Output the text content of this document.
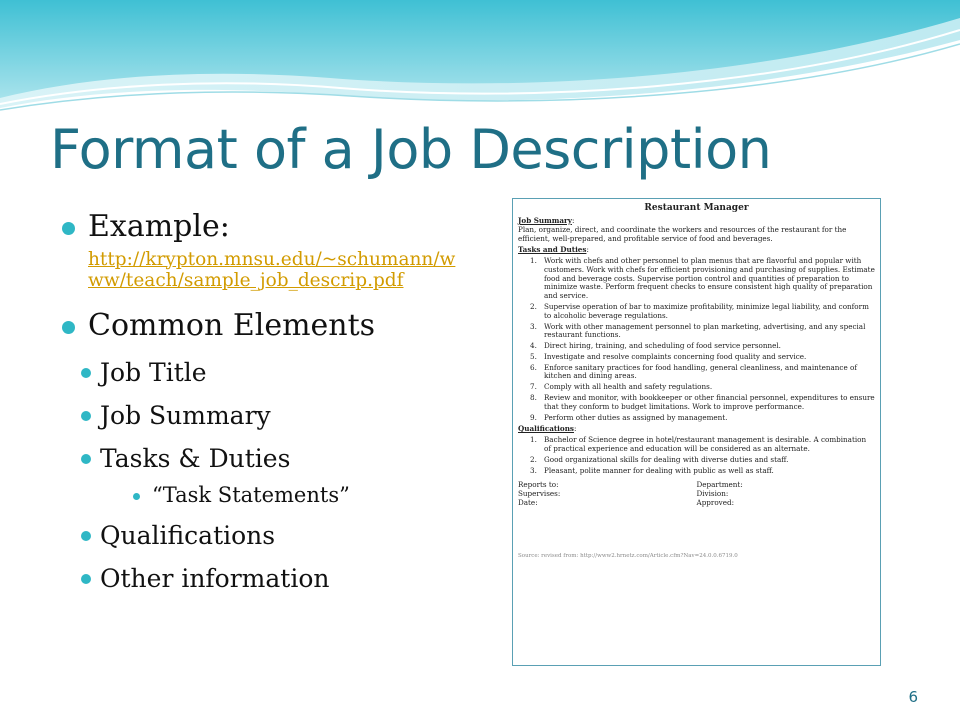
Format of a Job Description
Example:
http://krypton.mnsu.edu/~schumann/www/teach/sample_job_descrip.pdf
Common Elements
Job Title
Job Summary
Tasks & Duties
“Task Statements”
Qualifications
Other information
Restaurant Manager
Job Summary:
Plan, organize, direct, and coordinate the workers and resources of the restaurant for the efficient, well-prepared, and profitable service of food and beverages.
Tasks and Duties:
1. Work with chefs and other personnel to plan menus that are flavorful and popular with customers. Work with chefs for efficient provisioning and purchasing of supplies. Estimate food and beverage costs. Supervise portion control and quantities of preparation to minimize waste. Perform frequent checks to ensure consistent high quality of preparation and service.
2. Supervise operation of bar to maximize profitability, minimize legal liability, and conform to alcoholic beverage regulations.
3. Work with other management personnel to plan marketing, advertising, and any special restaurant functions.
4. Direct hiring, training, and scheduling of food service personnel.
5. Investigate and resolve complaints concerning food quality and service.
6. Enforce sanitary practices for food handling, general cleanliness, and maintenance of kitchen and dining areas.
7. Comply with all health and safety regulations.
8. Review and monitor, with bookkeeper or other financial personnel, expenditures to ensure that they conform to budget limitations. Work to improve performance.
9. Perform other duties as assigned by management.
Qualifications:
1. Bachelor of Science degree in hotel/restaurant management is desirable. A combination of practical experience and education will be considered as an alternate.
2. Good organizational skills for dealing with diverse duties and staff.
3. Pleasant, polite manner for dealing with public as well as staff.
Reports to:
Supervises:
Date:
Department:
Division:
Approved:
Source: revised from: http://www2.hrnetz.com/Article.cfm?Nav=24.0.0.6719.0
6
